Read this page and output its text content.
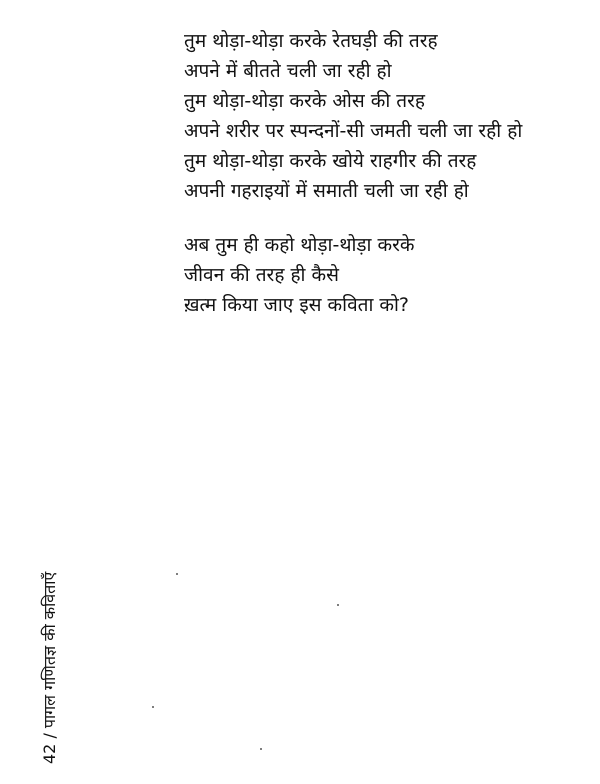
तुम थोड़ा-थोड़ा करके रेतघड़ी की तरह
अपने में बीतते चली जा रही हो
तुम थोड़ा-थोड़ा करके ओस की तरह
अपने शरीर पर स्पन्दनों-सी जमती चली जा रही हो
तुम थोड़ा-थोड़ा करके खोये राहगीर की तरह
अपनी गहराइयों में समाती चली जा रही हो
अब तुम ही कहो थोड़ा-थोड़ा करके
जीवन की तरह ही कैसे
ख़त्म किया जाए इस कविता को?
42 / पागल गणितज्ञ की कविताएँ
